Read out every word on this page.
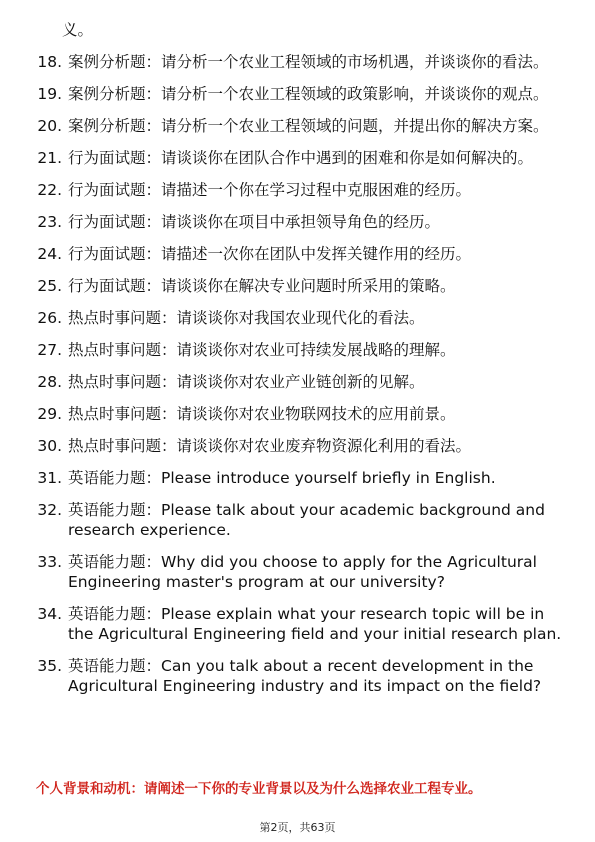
义。
18. 案例分析题：请分析一个农业工程领域的市场机遇，并谈谈你的看法。
19. 案例分析题：请分析一个农业工程领域的政策影响，并谈谈你的观点。
20. 案例分析题：请分析一个农业工程领域的问题，并提出你的解决方案。
21. 行为面试题：请谈谈你在团队合作中遇到的困难和你是如何解决的。
22. 行为面试题：请描述一个你在学习过程中克服困难的经历。
23. 行为面试题：请谈谈你在项目中承担领导角色的经历。
24. 行为面试题：请描述一次你在团队中发挥关键作用的经历。
25. 行为面试题：请谈谈你在解决专业问题时所采用的策略。
26. 热点时事问题：请谈谈你对我国农业现代化的看法。
27. 热点时事问题：请谈谈你对农业可持续发展战略的理解。
28. 热点时事问题：请谈谈你对农业产业链创新的见解。
29. 热点时事问题：请谈谈你对农业物联网技术的应用前景。
30. 热点时事问题：请谈谈你对农业废弃物资源化利用的看法。
31. 英语能力题：Please introduce yourself briefly in English.
32. 英语能力题：Please talk about your academic background and research experience.
33. 英语能力题：Why did you choose to apply for the Agricultural Engineering master's program at our university?
34. 英语能力题：Please explain what your research topic will be in the Agricultural Engineering field and your initial research plan.
35. 英语能力题：Can you talk about a recent development in the Agricultural Engineering industry and its impact on the field?
个人背景和动机：请阐述一下你的专业背景以及为什么选择农业工程专业。
第2页，共63页
